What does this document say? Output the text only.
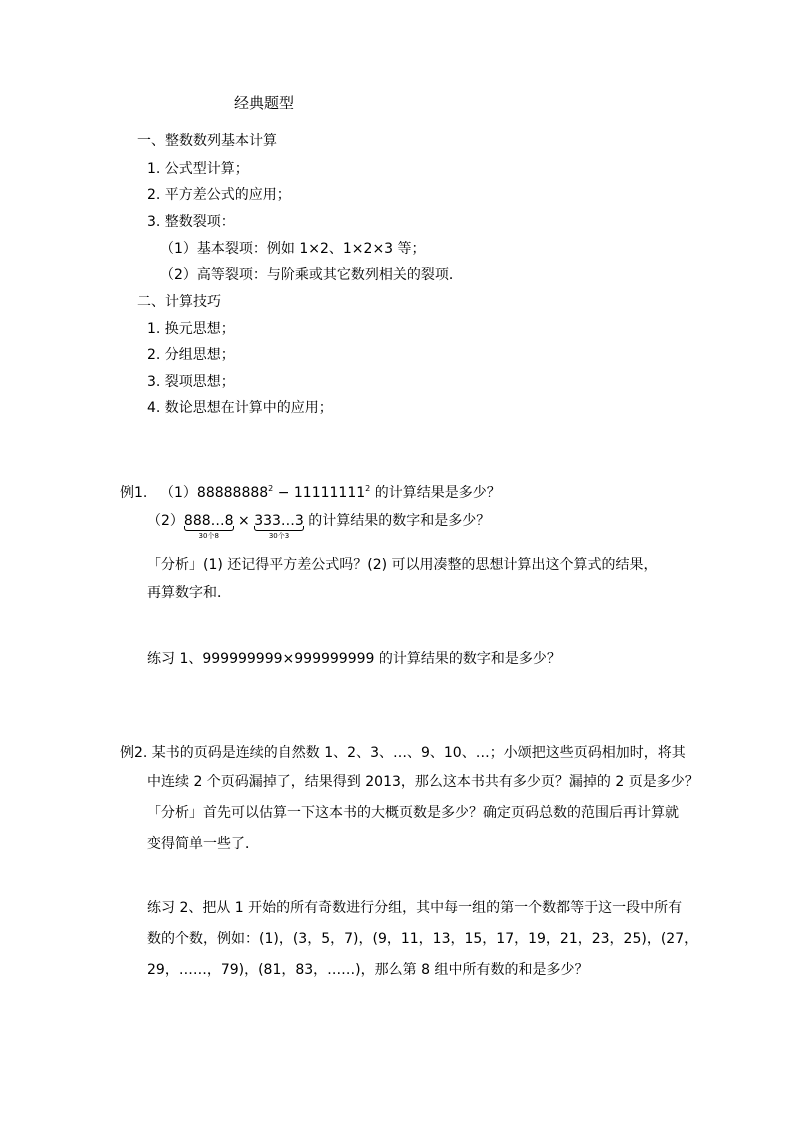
经典题型
一、整数数列基本计算
1. 公式型计算；
2. 平方差公式的应用；
3. 整数裂项：
（1）基本裂项：例如 1×2、1×2×3 等；
（2）高等裂项：与阶乘或其它数列相关的裂项．
二、计算技巧
1. 换元思想；
2. 分组思想；
3. 裂项思想；
4. 数论思想在计算中的应用；
例1. $(1)88888888^2 - 11111111^2$ 的计算结果是多少？
（2）888…8
30个8
× 333…3
30个3
的计算结果的数字和是多少？
「分析」(1) 还记得平方差公式吗？(2) 可以用凑整的思想计算出这个算式的结果，
再算数字和．
练习 1、999999999×999999999 的计算结果的数字和是多少？
例2. 某书的页码是连续的自然数 1、2、3、…、9、10、…；小颂把这些页码相加时，将其
中连续 2 个页码漏掉了，结果得到 2013，那么这本书共有多少页？漏掉的 2 页是多少？
「分析」首先可以估算一下这本书的大概页数是多少？确定页码总数的范围后再计算就
变得简单一些了．
练习 2、把从 1 开始的所有奇数进行分组，其中每一组的第一个数都等于这一段中所有
数的个数，例如：(1)，(3，5，7)，(9，11，13，15，17，19，21，23，25)，(27，
29，……，79)，(81，83，……)，那么第 8 组中所有数的和是多少？
